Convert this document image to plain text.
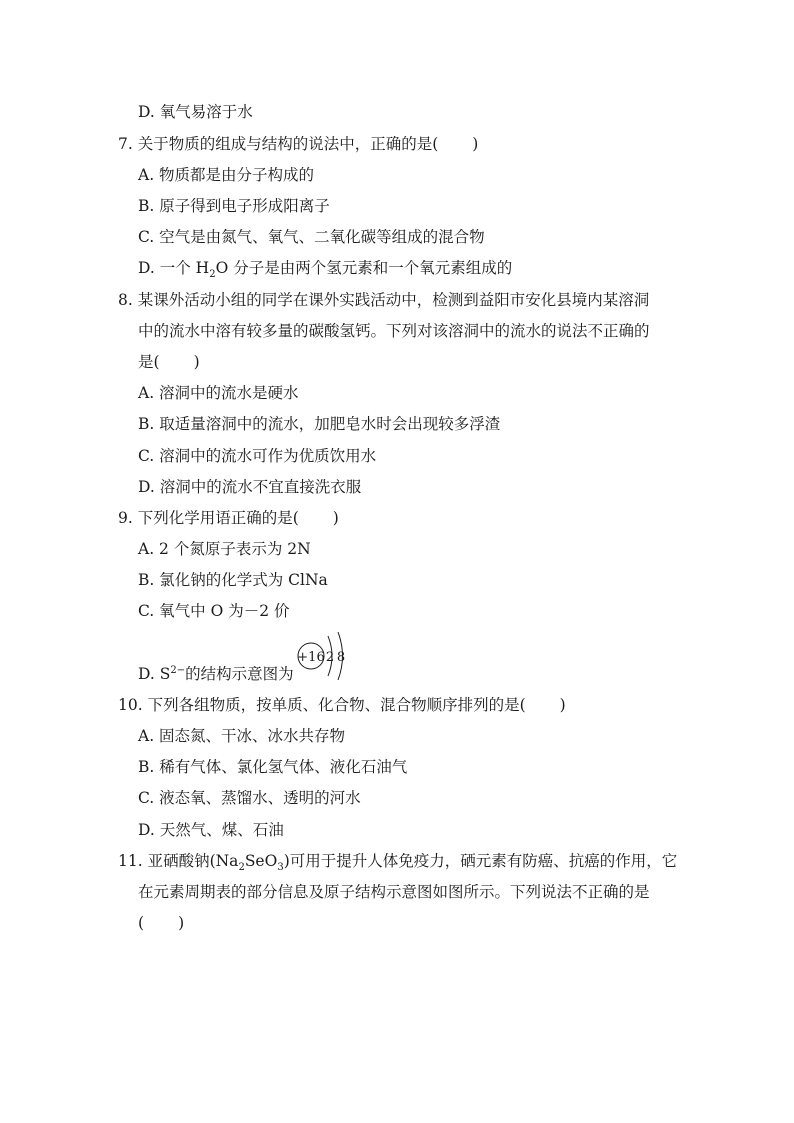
D. 氧气易溶于水
7. 关于物质的组成与结构的说法中，正确的是( )
A. 物质都是由分子构成的
B. 原子得到电子形成阳离子
C. 空气是由氮气、氧气、二氧化碳等组成的混合物
D. 一个 $H_2O$ 分子是由两个氢元素和一个氧元素组成的
8. 某课外活动小组的同学在课外实践活动中，检测到益阳市安化县境内某溶洞
中的流水中溶有较多量的碳酸氢钙。下列对该溶洞中的流水的说法不正确的
是( )
A. 溶洞中的流水是硬水
B. 取适量溶洞中的流水，加肥皂水时会出现较多浮渣
C. 溶洞中的流水可作为优质饮用水
D. 溶洞中的流水不宜直接洗衣服
9. 下列化学用语正确的是( )
A. 2 个氮原子表示为 2N
B. 氯化钠的化学式为 ClNa
C. 氧气中 O 为－2 价
D. $S^{2-}$的结构示意图为
+16 2 8
10. 下列各组物质，按单质、化合物、混合物顺序排列的是( )
A. 固态氮、干冰、冰水共存物
B. 稀有气体、氯化氢气体、液化石油气
C. 液态氧、蒸馏水、透明的河水
D. 天然气、煤、石油
11. 亚硒酸钠$(Na_2SeO_3)$可用于提升人体免疫力，硒元素有防癌、抗癌的作用，它
在元素周期表的部分信息及原子结构示意图如图所示。下列说法不正确的是
( )
